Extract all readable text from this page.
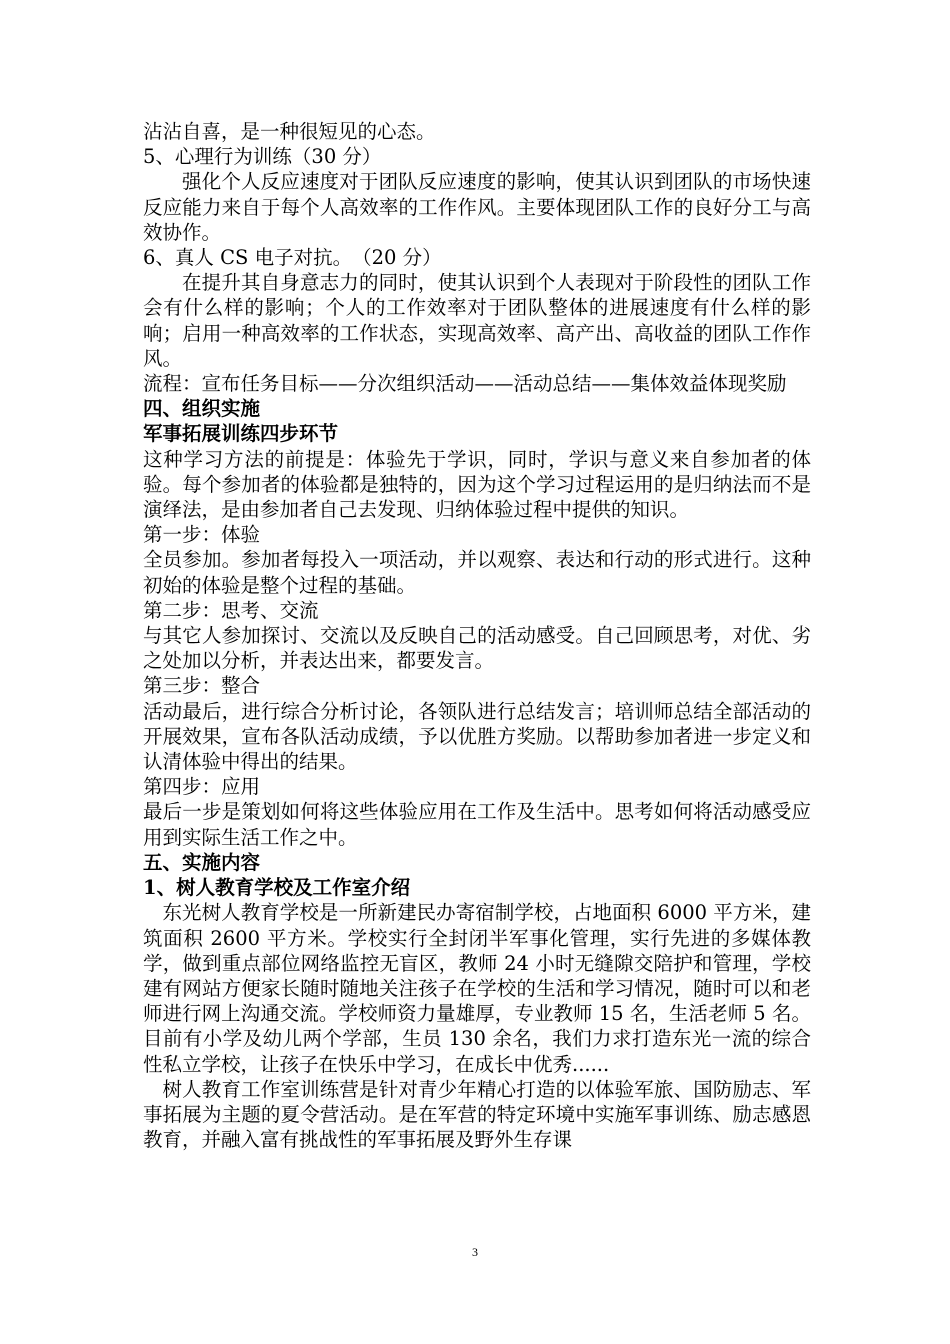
沾沾自喜，是一种很短见的心态。

5、心理行为训练（30 分）

强化个人反应速度对于团队反应速度的影响，使其认识到团队的市场快速反应能力来自于每个人高效率的工作作风。主要体现团队工作的良好分工与高效协作。

6、真人 CS 电子对抗。　（20 分）

在提升其自身意志力的同时，使其认识到个人表现对于阶段性的团队工作会有什么样的影响；个人的工作效率对于团队整体的进展速度有什么样的影响；启用一种高效率的工作状态，实现高效率、高产出、高收益的团队工作作风。

流程：宣布任务目标——分次组织活动——活动总结——集体效益体现奖励

四、组织实施

军事拓展训练四步环节

这种学习方法的前提是：体验先于学识，同时，学识与意义来自参加者的体验。每个参加者的体验都是独特的，因为这个学习过程运用的是归纳法而不是演绎法，是由参加者自己去发现、归纳体验过程中提供的知识。

第一步：体验

全员参加。参加者每投入一项活动，并以观察、表达和行动的形式进行。这种初始的体验是整个过程的基础。

第二步：思考、交流

与其它人参加探讨、交流以及反映自己的活动感受。自己回顾思考，对优、劣之处加以分析，并表达出来，都要发言。

第三步：整合

活动最后，进行综合分析讨论，各领队进行总结发言；培训师总结全部活动的开展效果，宣布各队活动成绩，予以优胜方奖励。以帮助参加者进一步定义和认清体验中得出的结果。

第四步：应用

最后一步是策划如何将这些体验应用在工作及生活中。思考如何将活动感受应用到实际生活工作之中。

五、实施内容

1、树人教育学校及工作室介绍

东光树人教育学校是一所新建民办寄宿制学校，占地面积 6000 平方米，建筑面积 2600 平方米。学校实行全封闭半军事化管理，实行先进的多媒体教学，做到重点部位网络监控无盲区，教师 24 小时无缝隙交陪护和管理，学校建有网站方便家长随时随地关注孩子在学校的生活和学习情况，随时可以和老师进行网上沟通交流。学校师资力量雄厚，专业教师 15 名，生活老师 5 名。目前有小学及幼儿两个学部，生员 130 余名，我们力求打造东光一流的综合性私立学校，让孩子在快乐中学习，在成长中优秀......

树人教育工作室训练营是针对青少年精心打造的以体验军旅、国防励志、军事拓展为主题的夏令营活动。是在军营的特定环境中实施军事训练、励志感恩教育，并融入富有挑战性的军事拓展及野外生存课

3
